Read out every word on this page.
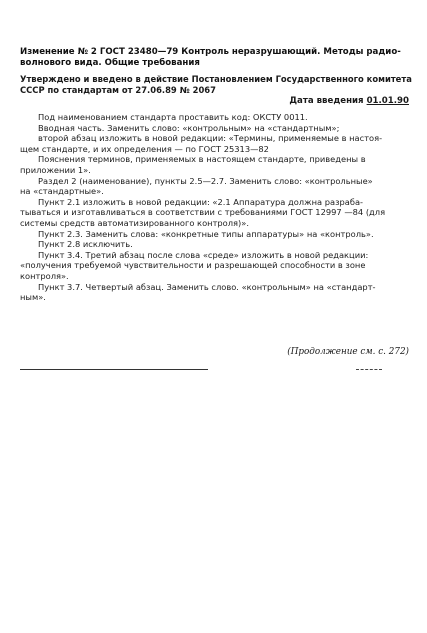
Изменение № 2 ГОСТ 23480—79 Контроль неразрушающий. Методы радио-
волнового вида. Общие требования
Утверждено и введено в действие Постановлением Государственного комитета
СССР по стандартам от 27.06.89 № 2067
Дата введения 01.01.90
Под наименованием стандарта проставить код: ОКСТУ 0011.
Вводная часть. Заменить слово: «контрольным» на «стандартным»;
второй абзац изложить в новой редакции: «Термины, применяемые в настоя-
щем стандарте, и их определения — по ГОСТ 25313—82
Пояснения терминов, применяемых в настоящем стандарте, приведены в
приложении 1».
Раздел 2 (наименование), пункты 2.5—2.7. Заменить слово: «контрольные»
на «стандартные».
Пункт 2.1 изложить в новой редакции: «2.1 Аппаратура должна разраба-
тываться и изготавливаться в соответствии с требованиями ГОСТ 12997 —84 (для
системы средств автоматизированного контроля)».
Пункт 2.3. Заменить слова: «конкретные типы аппаратуры» на «контроль».
Пункт 2.8 исключить.
Пункт 3.4. Третий абзац после слова «среде» изложить в новой редакции:
«получения требуемой чувствительности и разрешающей способности в зоне
контроля».
Пункт 3.7. Четвертый абзац. Заменить слово. «контрольным» на «стандарт-
ным».
(Продолжение см. с. 272)
